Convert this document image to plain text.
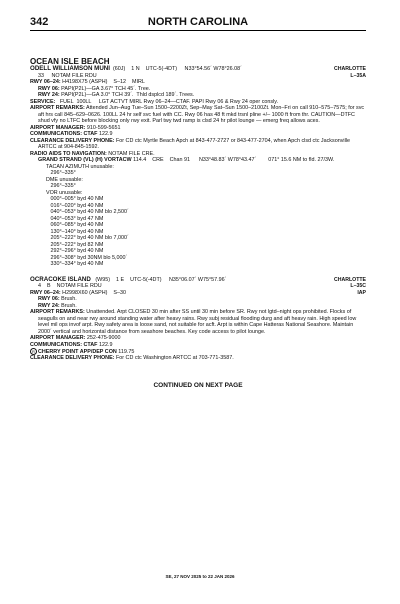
342	NORTH CAROLINA
OCEAN ISLE BEACH
CHARLOTTE
L–35A
ODELL WILLIAMSON MUNI  (60J)    1 N    UTC-5(-4DT)     N33°54.56´ W78°26.08´
33     NOTAM FILE RDU
RWY 06–24: H4198X75 (ASPH)    S–12    MIRL
RWY 06: PAPI(P2L)—GA 3.67° TCH 45´. Tree.
RWY 24: PAPI(P2L)—GA 3.0° TCH 39´.  Thld dsplcd 189´. Trees.
SERVICE:   FUEL  100LL     LGT ACTVT MIRL Rwy 06–24—CTAF. PAPI Rwy 06 & Rwy 24 oper consly.
AIRPORT REMARKS: Attended Jun–Aug Tue–Sun 1500–2200Zt, Sep–May Sat–Sun 1500–2100Zt. Mon–Fri on call 910–575–7575; for svc aft hrs call 845–629–0626. 100LL 24 hr self svc fuel with CC. Rwy 06 has 48 ft mkd trsnl pline +/– 1000 ft from thr. CAUTION—DTFC shud vfy no LTFC before blocking only rwy exit. Parl twy twd ramp is clsd 24 hr pilot lounge — emerg freq allows aces.
AIRPORT MANAGER: 910-599-5651
COMMUNICATIONS: CTAF 122.9
CLEARANCE DELIVERY PHONE: For CD ctc Myrtle Beach Apch at 843-477-2727 or 843-477-2704, when Apch clsd ctc Jacksonville ARTCC at 904-845-1592.
RADIO AIDS TO NAVIGATION: NOTAM FILE CRE.
GRAND STRAND (VL) (H) VORTACW 114.4    CRE    Chan 91      N33°48.83´ W78°43.47´        071° 15.6 NM to fld. 27/3W.
TACAN AZIMUTH unusable:
296°–335°
DME unusable:
296°–335°
VOR unusable:
000°–005° byd 40 NM
016°–020° byd 40 NM
040°–053° byd 40 NM blo 2,500´
040°–053° byd 47 NM
060°–085° byd 40 NM
130°–140° byd 40 NM
205°–222° byd 40 NM blo 7,000´
205°–222° byd 82 NM
292°–296° byd 40 NM
296°–308° byd 30NM blo 5,000´
330°–334° byd 40 NM
CHARLOTTE
L–35C
IAP
OCRACOKE ISLAND   (W95)    1 E    UTC-5(-4DT)     N35°06.07´ W75°57.96´
4    B    NOTAM FILE RDU
RWY 06–24: H2998X60 (ASPH)    S–30
RWY 06: Brush.
RWY 24: Brush.
AIRPORT REMARKS: Unattended. Arpt CLOSED 30 min after SS until 30 min before SR. Rwy not lgtd–night ops prohibited. Flocks of seagulls on and near rwy around standing water after heavy rains. Rwy subj residual flooding durg and aft heavy rain. High speed low level mil ops invof arpt. Rwy safety area is loose sand, not suitable for acft. Arpt is within Cape Hatteras National Seashore. Maintain 2000´ vertical and horizontal distance from seashore beaches. Key code access to pilot lounge.
AIRPORT MANAGER: 252-475-9000
COMMUNICATIONS: CTAF 122.9
R CHERRY POINT APP/DEP CON 119.75
CLEARANCE DELIVERY PHONE: For CD ctc Washington ARTCC at 703-771-3587.
CONTINUED ON NEXT PAGE
SE, 27 NOV 2025 to 22 JAN 2026
